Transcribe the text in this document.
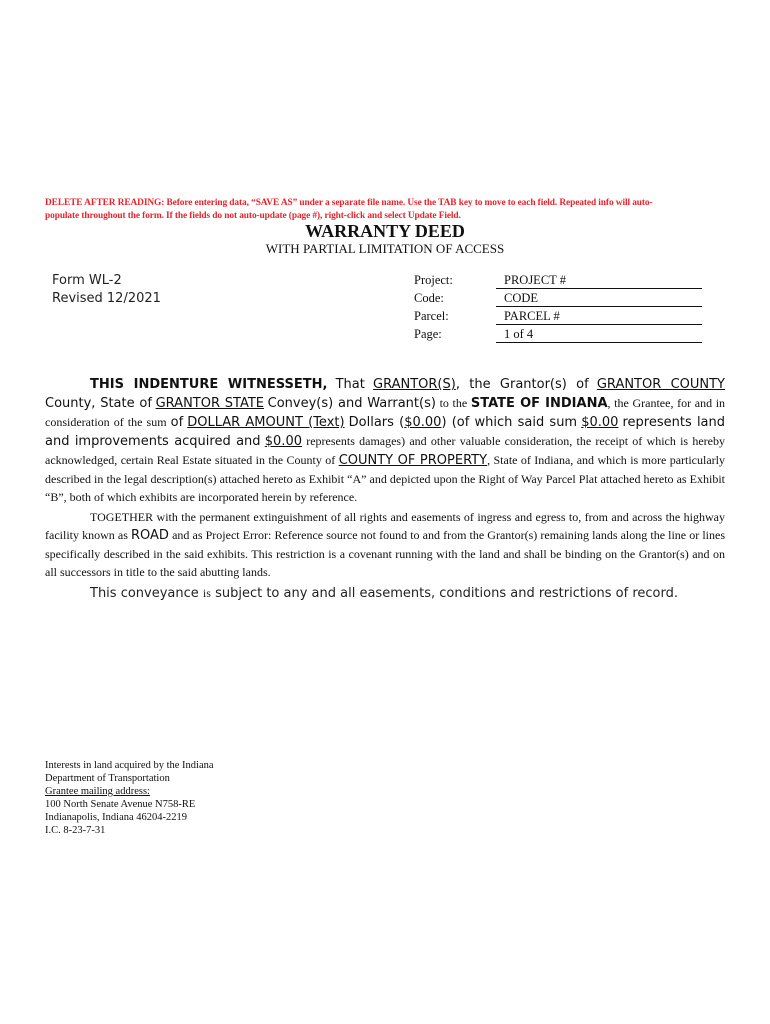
DELETE AFTER READING: Before entering data, “SAVE AS” under a separate file name. Use the TAB key to move to each field. Repeated info will auto-
populate throughout the form. If the fields do not auto-update (page #), right-click and select Update Field.
WARRANTY DEED
WITH PARTIAL LIMITATION OF ACCESS
Form WL-2
Revised 12/2021
Project:	PROJECT #
Code:	CODE
Parcel:	PARCEL #
Page:	1 of 4
THIS INDENTURE WITNESSETH, That GRANTOR(S), the Grantor(s) of GRANTOR COUNTY County, State of GRANTOR STATE Convey(s) and Warrant(s) to the STATE OF INDIANA, the Grantee, for and in consideration of the sum of DOLLAR AMOUNT (Text) Dollars ($0.00) (of which said sum $0.00 represents land and improvements acquired and $0.00 represents damages) and other valuable consideration, the receipt of which is hereby acknowledged, certain Real Estate situated in the County of COUNTY OF PROPERTY, State of Indiana, and which is more particularly described in the legal description(s) attached hereto as Exhibit “A” and depicted upon the Right of Way Parcel Plat attached hereto as Exhibit “B”, both of which exhibits are incorporated herein by reference.
TOGETHER with the permanent extinguishment of all rights and easements of ingress and egress to, from and across the highway facility known as ROAD and as Project Error: Reference source not found to and from the Grantor(s) remaining lands along the line or lines specifically described in the said exhibits. This restriction is a covenant running with the land and shall be binding on the Grantor(s) and on all successors in title to the said abutting lands.
This conveyance is subject to any and all easements, conditions and restrictions of record.
Interests in land acquired by the Indiana
Department of Transportation
Grantee mailing address:
100 North Senate Avenue N758-RE
Indianapolis, Indiana 46204-2219
I.C. 8-23-7-31
